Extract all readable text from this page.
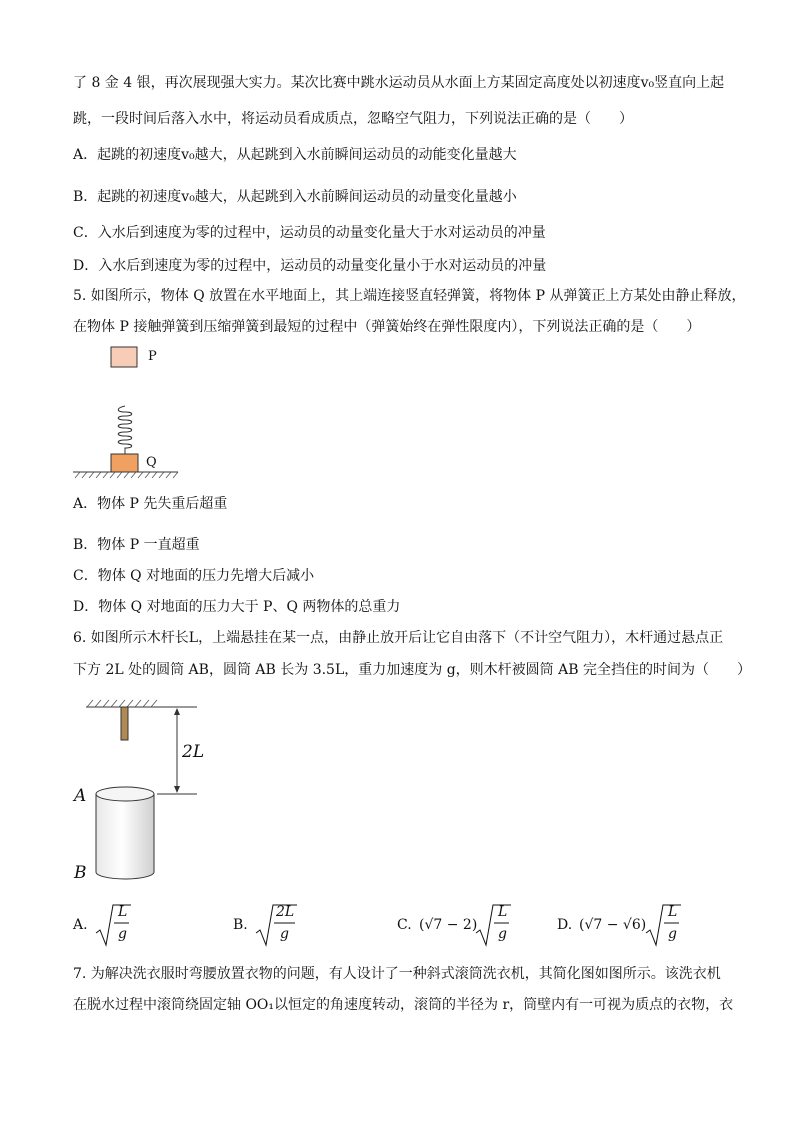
了 8 金 4 银，再次展现强大实力。某次比赛中跳水运动员从水面上方某固定高度处以初速度v₀竖直向上起
跳，一段时间后落入水中，将运动员看成质点，忽略空气阻力，下列说法正确的是（　　）
A．起跳的初速度v₀越大，从起跳到入水前瞬间运动员的动能变化量越大
B．起跳的初速度v₀越大，从起跳到入水前瞬间运动员的动量变化量越小
C．入水后到速度为零的过程中，运动员的动量变化量大于水对运动员的冲量
D．入水后到速度为零的过程中，运动员的动量变化量小于水对运动员的冲量
5. 如图所示，物体 Q 放置在水平地面上，其上端连接竖直轻弹簧，将物体 P 从弹簧正上方某处由静止释放，
在物体 P 接触弹簧到压缩弹簧到最短的过程中（弹簧始终在弹性限度内），下列说法正确的是（　　）
P
Q
A．物体 P 先失重后超重
B．物体 P 一直超重
C．物体 Q 对地面的压力先增大后减小
D．物体 Q 对地面的压力大于 P、Q 两物体的总重力
6. 如图所示木杆长L，上端悬挂在某一点，由静止放开后让它自由落下（不计空气阻力），木杆通过悬点正
下方 2L 处的圆筒 AB，圆筒 AB 长为 3.5L，重力加速度为 g，则木杆被圆筒 AB 完全挡住的时间为（　　）
2L
A
B
A.
L
g
B.
2L
g
C. (√7 − 2)
L
g
D. (√7 − √6)
L
g
7. 为解决洗衣服时弯腰放置衣物的问题，有人设计了一种斜式滚筒洗衣机，其简化图如图所示。该洗衣机
在脱水过程中滚筒绕固定轴 OO₁以恒定的角速度转动，滚筒的半径为 r，筒壁内有一可视为质点的衣物，衣
